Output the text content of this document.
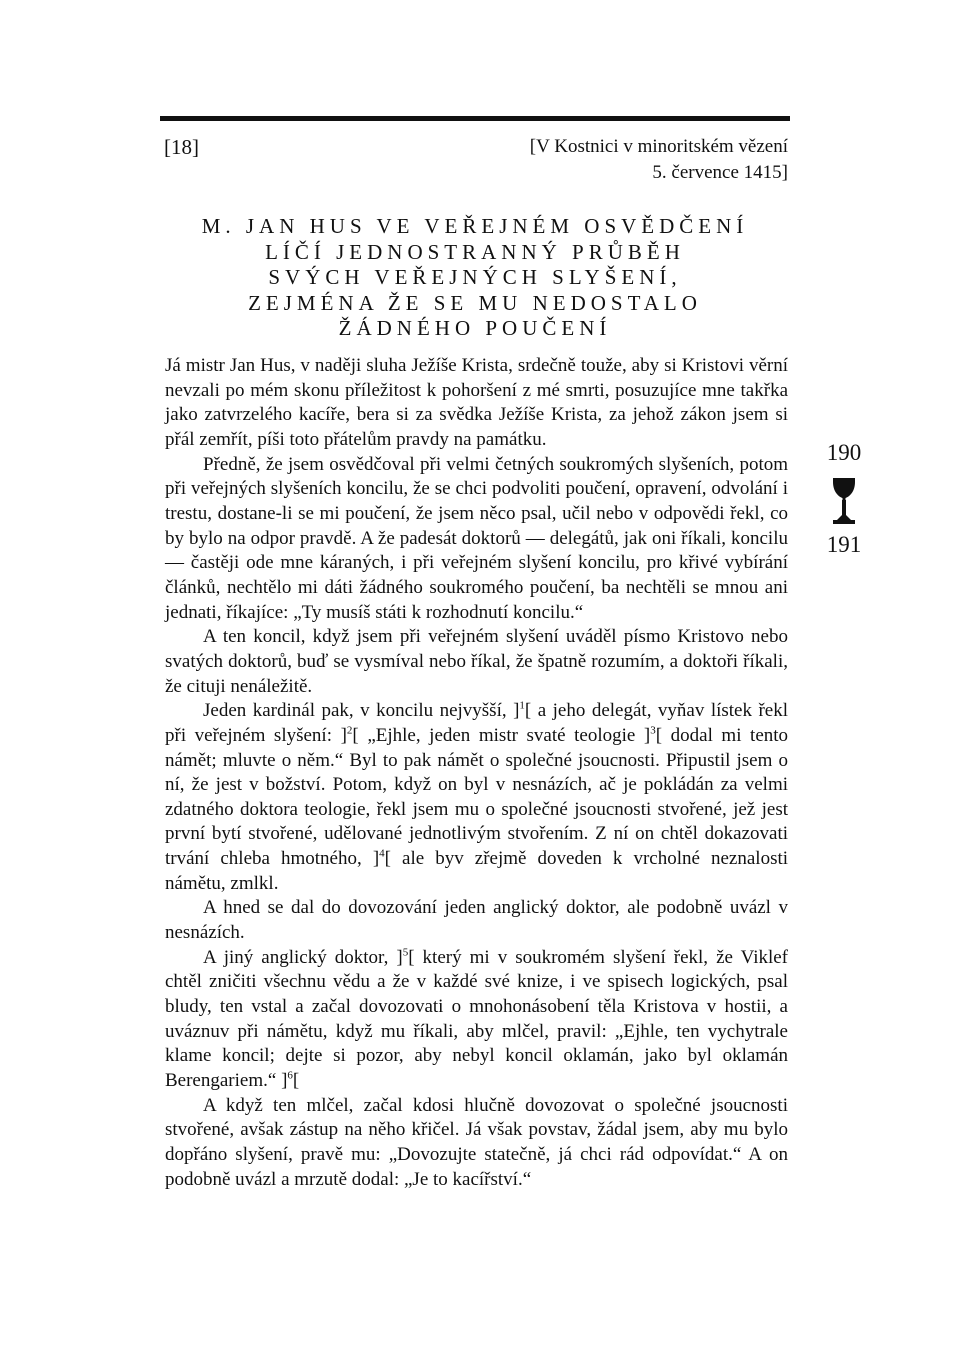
[18]	[V Kostnici v minoritském vězení
5. července 1415]
M. JAN HUS VE VEŘEJNÉM OSVĚDČENÍ
LÍČÍ JEDNOSTRANNÝ PRŮBĚH
SVÝCH VEŘEJNÝCH SLYŠENÍ,
ZEJMÉNA ŽE SE MU NEDOSTALO
ŽÁDNÉHO POUČENÍ

Já mistr Jan Hus, v naději sluha Ježíše Krista, srdečně touže, aby si Kristovi věrní nevzali po mém skonu příležitost k pohoršení z mé smrti, posuzujíce mne takřka jako zatvrzelého kacíře, bera si za svědka Ježíše Krista, za jehož zákon jsem si přál zemřít, píši toto přátelům pravdy na památku.

Předně, že jsem osvědčoval při velmi četných soukromých slyšeních, potom při veřejných slyšeních koncilu, že se chci podvoliti poučení, opravení, odvolání i trestu, dostane-li se mi poučení, že jsem něco psal, učil nebo v odpovědi řekl, co by bylo na odpor pravdě. A že padesát doktorů — delegátů, jak oni říkali, koncilu — častěji ode mne káraných, i při veřejném slyšení koncilu, pro křivé vybírání článků, nechtělo mi dáti žádného soukromého poučení, ba nechtěli se mnou ani jednati, říkajíce: „Ty musíš státi k rozhodnutí koncilu.“

A ten koncil, když jsem při veřejném slyšení uváděl písmo Kristovo nebo svatých doktorů, buď se vysmíval nebo říkal, že špatně rozumím, a doktoři říkali, že cituji nenáležitě.

Jeden kardinál pak, v koncilu nejvyšší, ]$^1$[ a jeho delegát, vyňav lístek řekl při veřejném slyšení: ]$^2$[ „Ejhle, jeden mistr svaté teologie ]$^3$[ dodal mi tento námět; mluvte o něm.“ Byl to pak námět o společné jsoucnosti. Připustil jsem o ní, že jest v božství. Potom, když on byl v nesnázích, ač je pokládán za velmi zdatného doktora teologie, řekl jsem mu o společné jsoucnosti stvořené, jež jest první bytí stvořené, udělované jednotlivým stvořením. Z ní on chtěl dokazovati trvání chleba hmotného, ]$^4$[ ale byv zřejmě doveden k vrcholné neznalosti námětu, zmlkl.

A hned se dal do dovozování jeden anglický doktor, ale podobně uvázl v nesnázích.

A jiný anglický doktor, ]$^5$[ který mi v soukromém slyšení řekl, že Viklef chtěl zničiti všechnu vědu a že v každé své knize, i ve spisech logických, psal bludy, ten vstal a začal dovozovati o mnohonásobení těla Kristova v hostii, a uváznuv při námětu, když mu říkali, aby mlčel, pravil: „Ejhle, ten vychytrale klame koncil; dejte si pozor, aby nebyl koncil oklamán, jako byl oklamán Berengariem.“ ]$^6$[

A když ten mlčel, začal kdosi hlučně dovozovat o společné jsoucnosti stvořené, avšak zástup na něho křičel. Já však povstav, žádal jsem, aby mu bylo dopřáno slyšení, pravě mu: „Dovozujte statečně, já chci rád odpovídat.“ A on podobně uvázl a mrzutě dodal: „Je to kacířství.“

190
191
